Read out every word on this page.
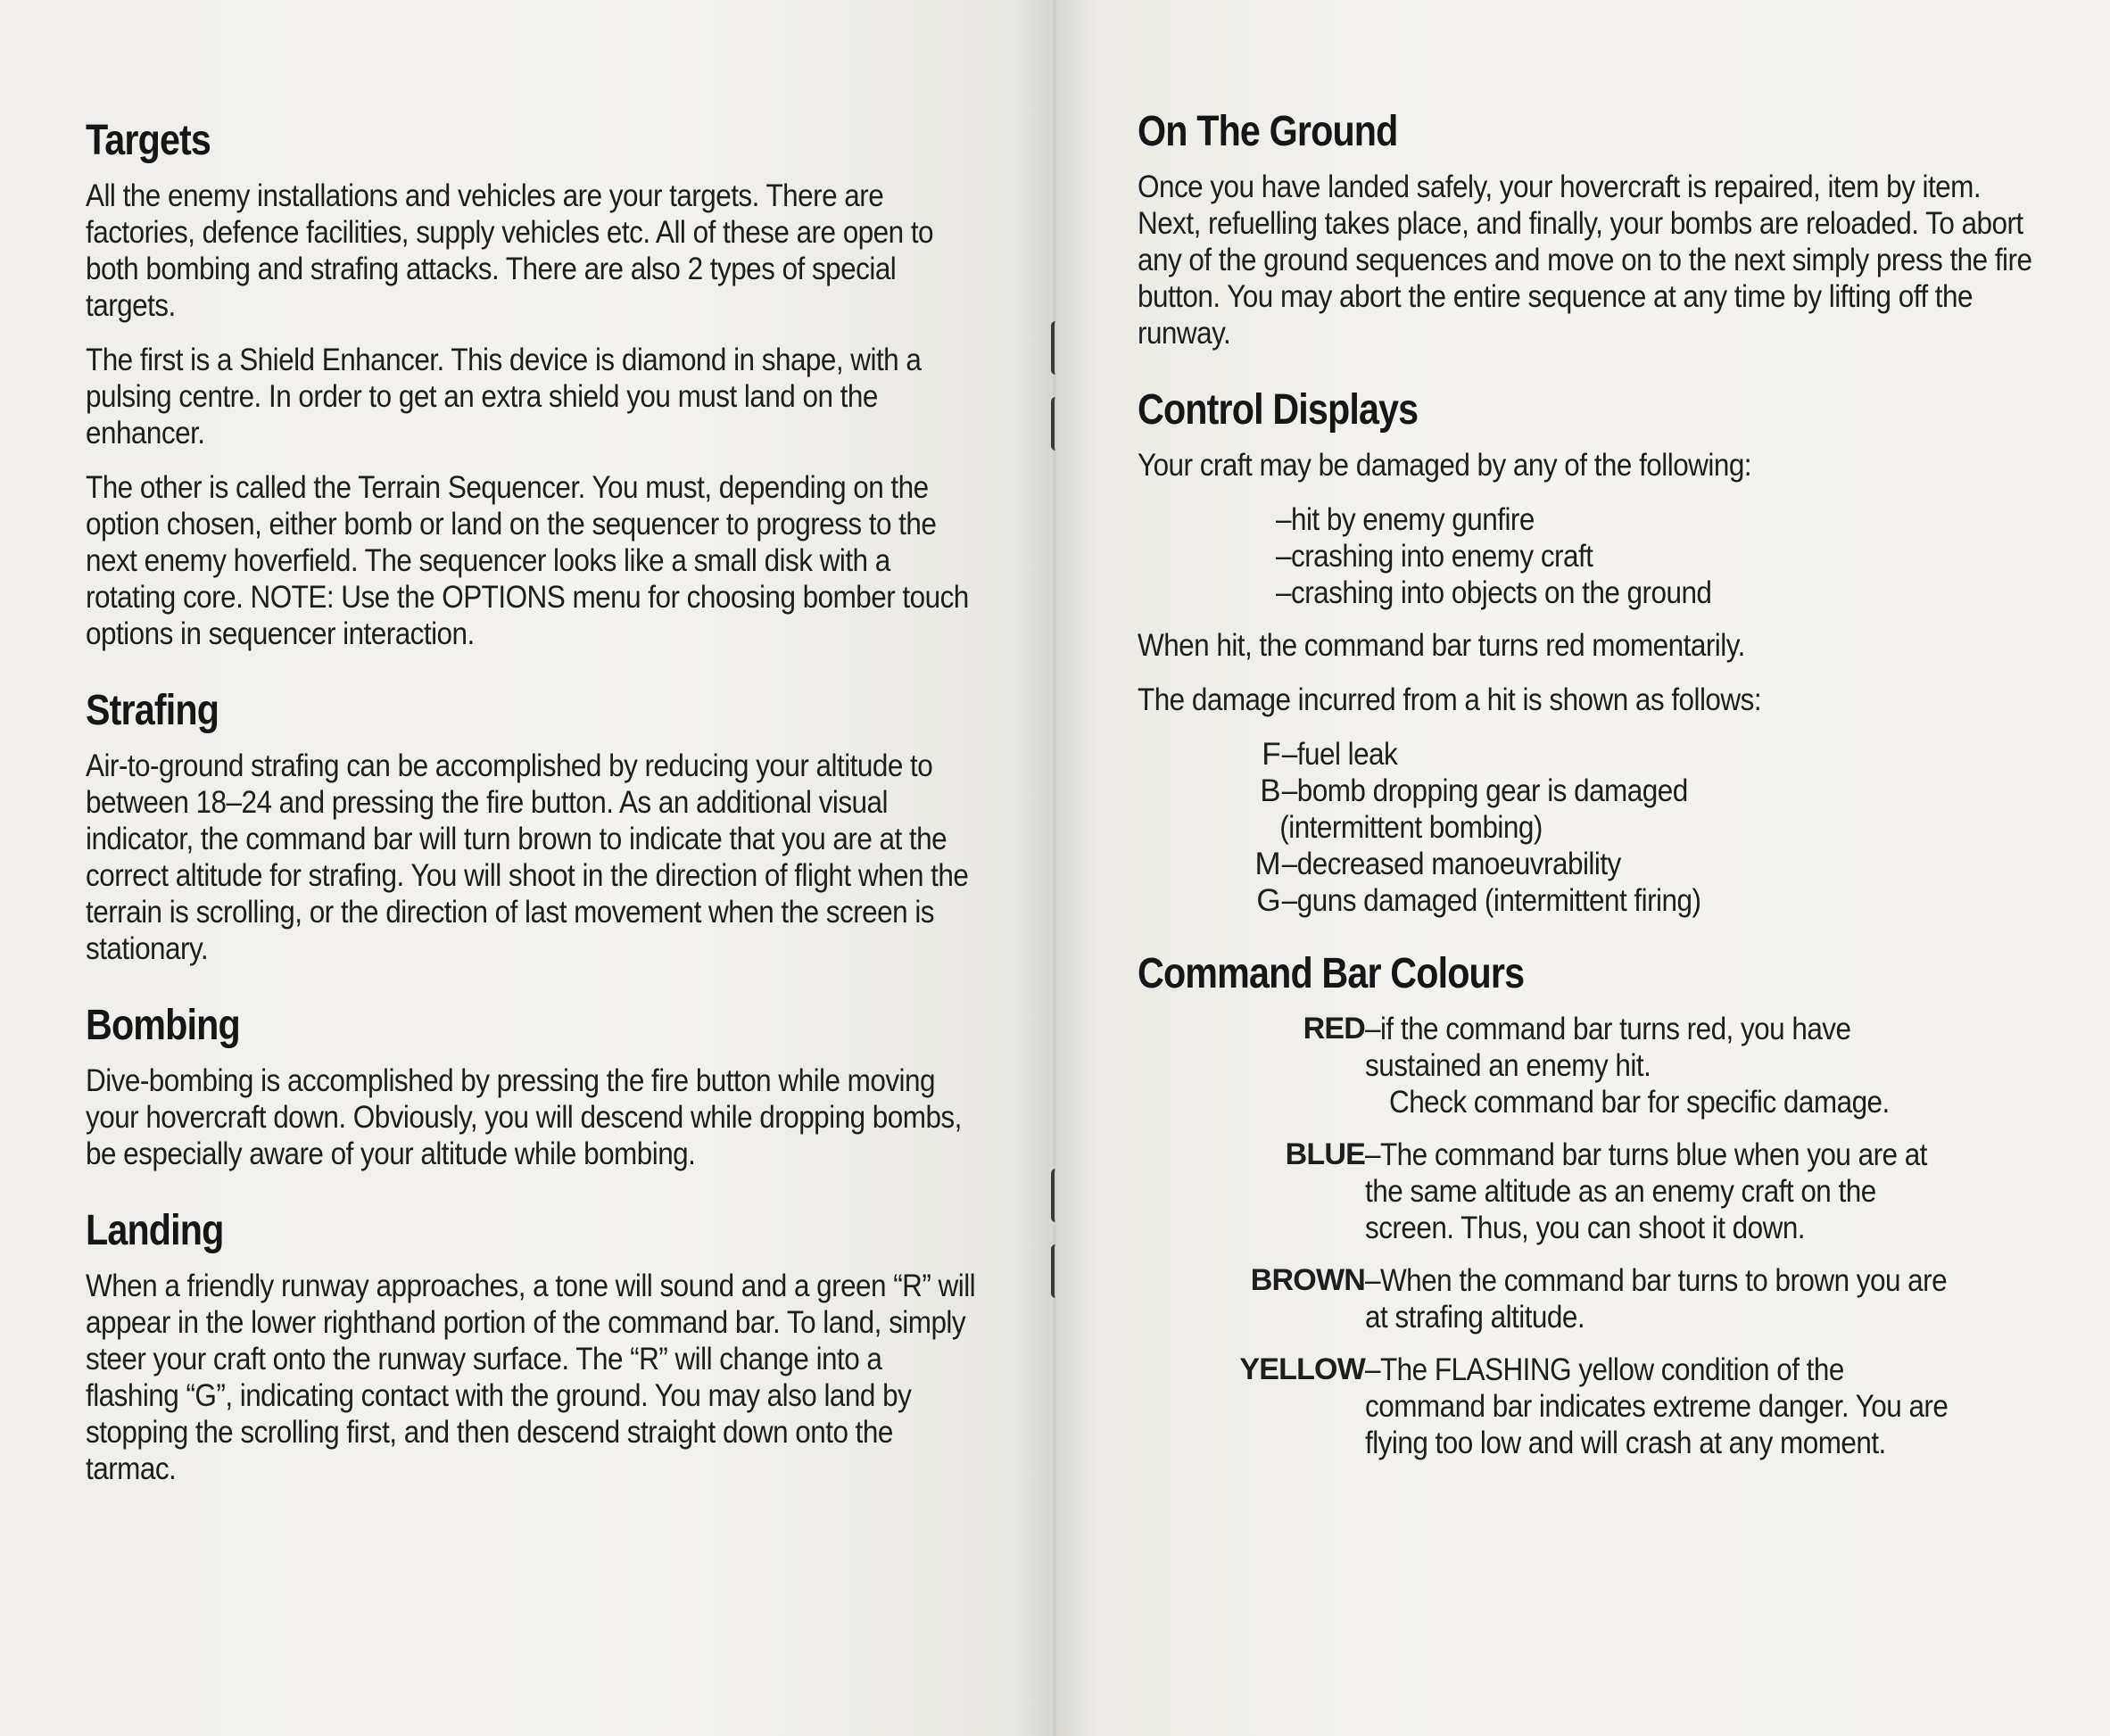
Targets

All the enemy installations and vehicles are your targets. There are factories, defence facilities, supply vehicles etc. All of these are open to both bombing and strafing attacks. There are also 2 types of special targets.

The first is a Shield Enhancer. This device is diamond in shape, with a pulsing centre. In order to get an extra shield you must land on the enhancer.

The other is called the Terrain Sequencer. You must, depending on the option chosen, either bomb or land on the sequencer to progress to the next enemy hoverfield. The sequencer looks like a small disk with a rotating core. NOTE: Use the OPTIONS menu for choosing bomber touch options in sequencer interaction.

Strafing

Air-to-ground strafing can be accomplished by reducing your altitude to between 18–24 and pressing the fire button. As an additional visual indicator, the command bar will turn brown to indicate that you are at the correct altitude for strafing. You will shoot in the direction of flight when the terrain is scrolling, or the direction of last movement when the screen is stationary.

Bombing

Dive-bombing is accomplished by pressing the fire button while moving your hovercraft down. Obviously, you will descend while dropping bombs, be especially aware of your altitude while bombing.

Landing

When a friendly runway approaches, a tone will sound and a green “R” will appear in the lower righthand portion of the command bar. To land, simply steer your craft onto the runway surface. The “R” will change into a flashing “G”, indicating contact with the ground. You may also land by stopping the scrolling first, and then descend straight down onto the tarmac.

On The Ground

Once you have landed safely, your hovercraft is repaired, item by item. Next, refuelling takes place, and finally, your bombs are reloaded. To abort any of the ground sequences and move on to the next simply press the fire button. You may abort the entire sequence at any time by lifting off the runway.

Control Displays

Your craft may be damaged by any of the following:

–hit by enemy gunfire
–crashing into enemy craft
–crashing into objects on the ground

When hit, the command bar turns red momentarily.

The damage incurred from a hit is shown as follows:

F –fuel leak
B –bomb dropping gear is damaged
(intermittent bombing)
M –decreased manoeuvrability
G –guns damaged (intermittent firing)
Command Bar Colours
RED –if the command bar turns red, you have sustained an enemy hit.
Check command bar for specific damage.
BLUE –The command bar turns blue when you are at the same altitude as an enemy craft on the screen. Thus, you can shoot it down.
BROWN –When the command bar turns to brown you are at strafing altitude.
YELLOW –The FLASHING yellow condition of the command bar indicates extreme danger. You are flying too low and will crash at any moment.
